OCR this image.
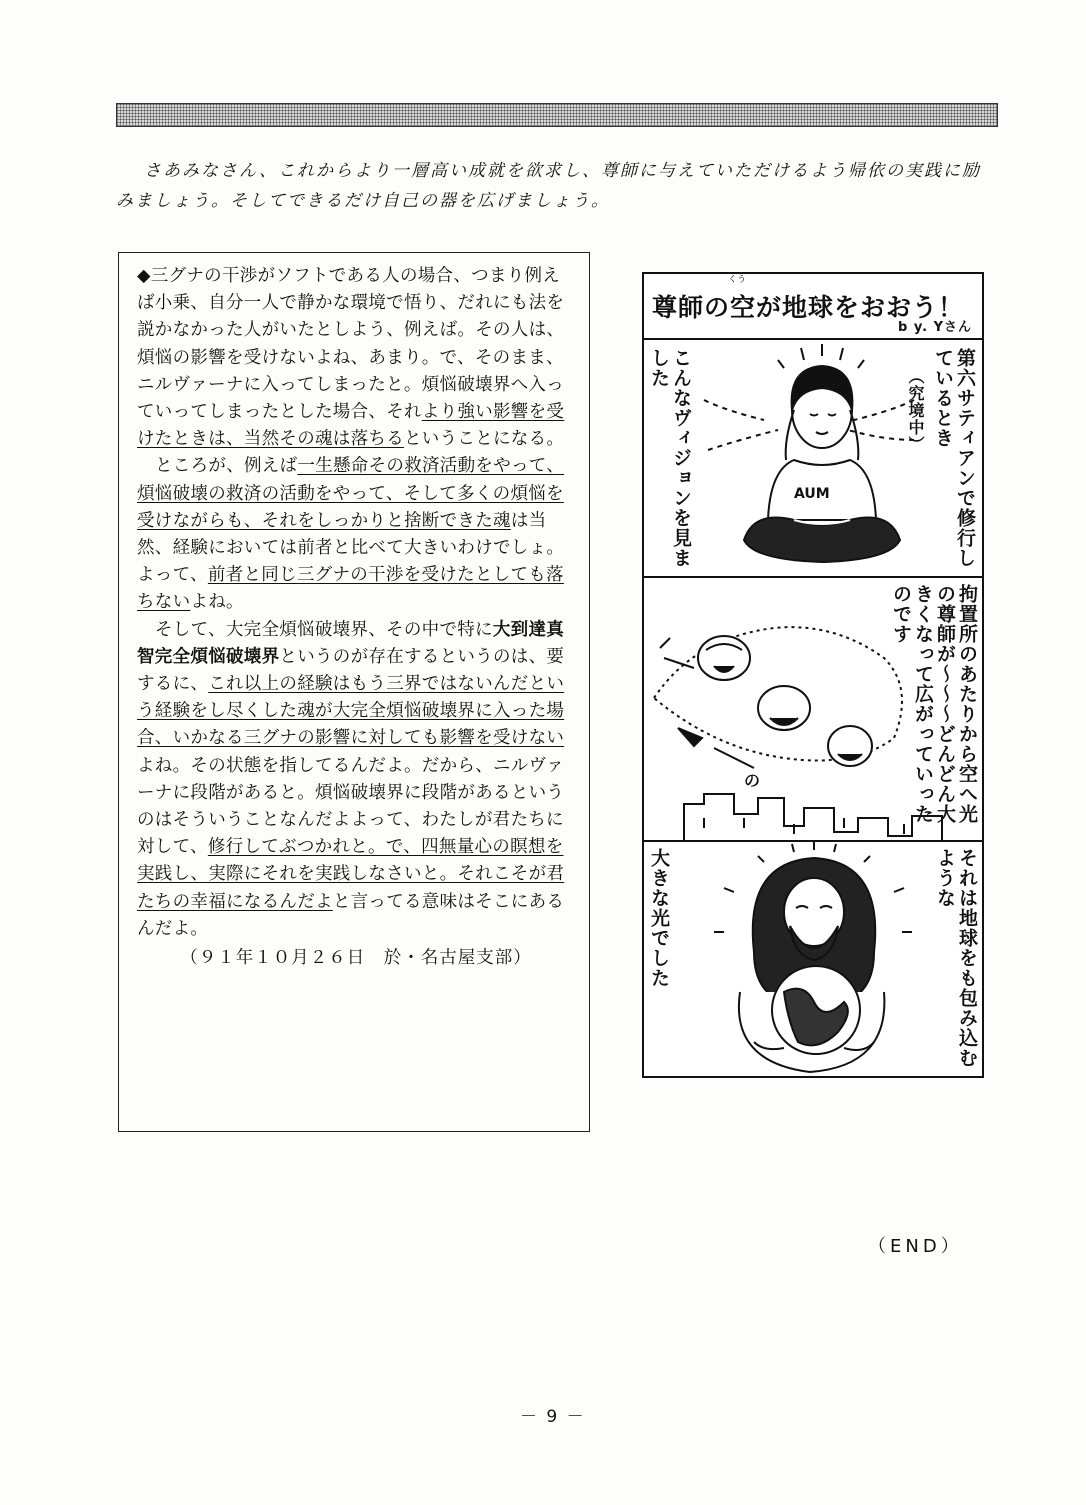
さあみなさん、これからより一層高い成就を欲求し、尊師に与えていただけるよう帰依の実践に励

みましょう。そしてできるだけ自己の器を広げましょう。

◆三グナの干渉がソフトである人の場合、つまり例えば小乗、自分一人で静かな環境で悟り、だれにも法を説かなかった人がいたとしよう、例えば。その人は、煩悩の影響を受けないよね、あまり。で、そのまま、ニルヴァーナに入ってしまったと。煩悩破壊界へ入っていってしまったとした場合、それより強い影響を受けたときは、当然その魂は落ちるということになる。

ところが、例えば一生懸命その救済活動をやって、煩悩破壊の救済の活動をやって、そして多くの煩悩を受けながらも、それをしっかりと捨断できた魂は当然、経験においては前者と比べて大きいわけでしょ。よって、前者と同じ三グナの干渉を受けたとしても落ちないよね。

そして、大完全煩悩破壊界、その中で特に大到達真智完全煩悩破壊界というのが存在するというのは、要するに、これ以上の経験はもう三界ではないんだという経験をし尽くした魂が大完全煩悩破壊界に入った場合、いかなる三グナの影響に対しても影響を受けないよね。その状態を指してるんだよ。だから、ニルヴァーナに段階があると。煩悩破壊界に段階があるというのはそういうことなんだよよって、わたしが君たちに対して、修行してぶつかれと。で、四無量心の瞑想を実践し、実際にそれを実践しなさいと。それこそが君たちの幸福になるんだよと言ってる意味はそこにあるんだよ。

（９１年１０月２６日　於・名古屋支部）

尊師の空が地球をおおう！
くう
b y. Yさん
AUM	第六サティアンで修行しているとき
（究境中）
こんなヴィジョンを見ました
の	拘置所のあたりから空へ光の尊師が〜〜〜どんどん大きくなって広がっていったのです
それは地球をも包み込むような
大きな光でした
（END）
－ 9 －
